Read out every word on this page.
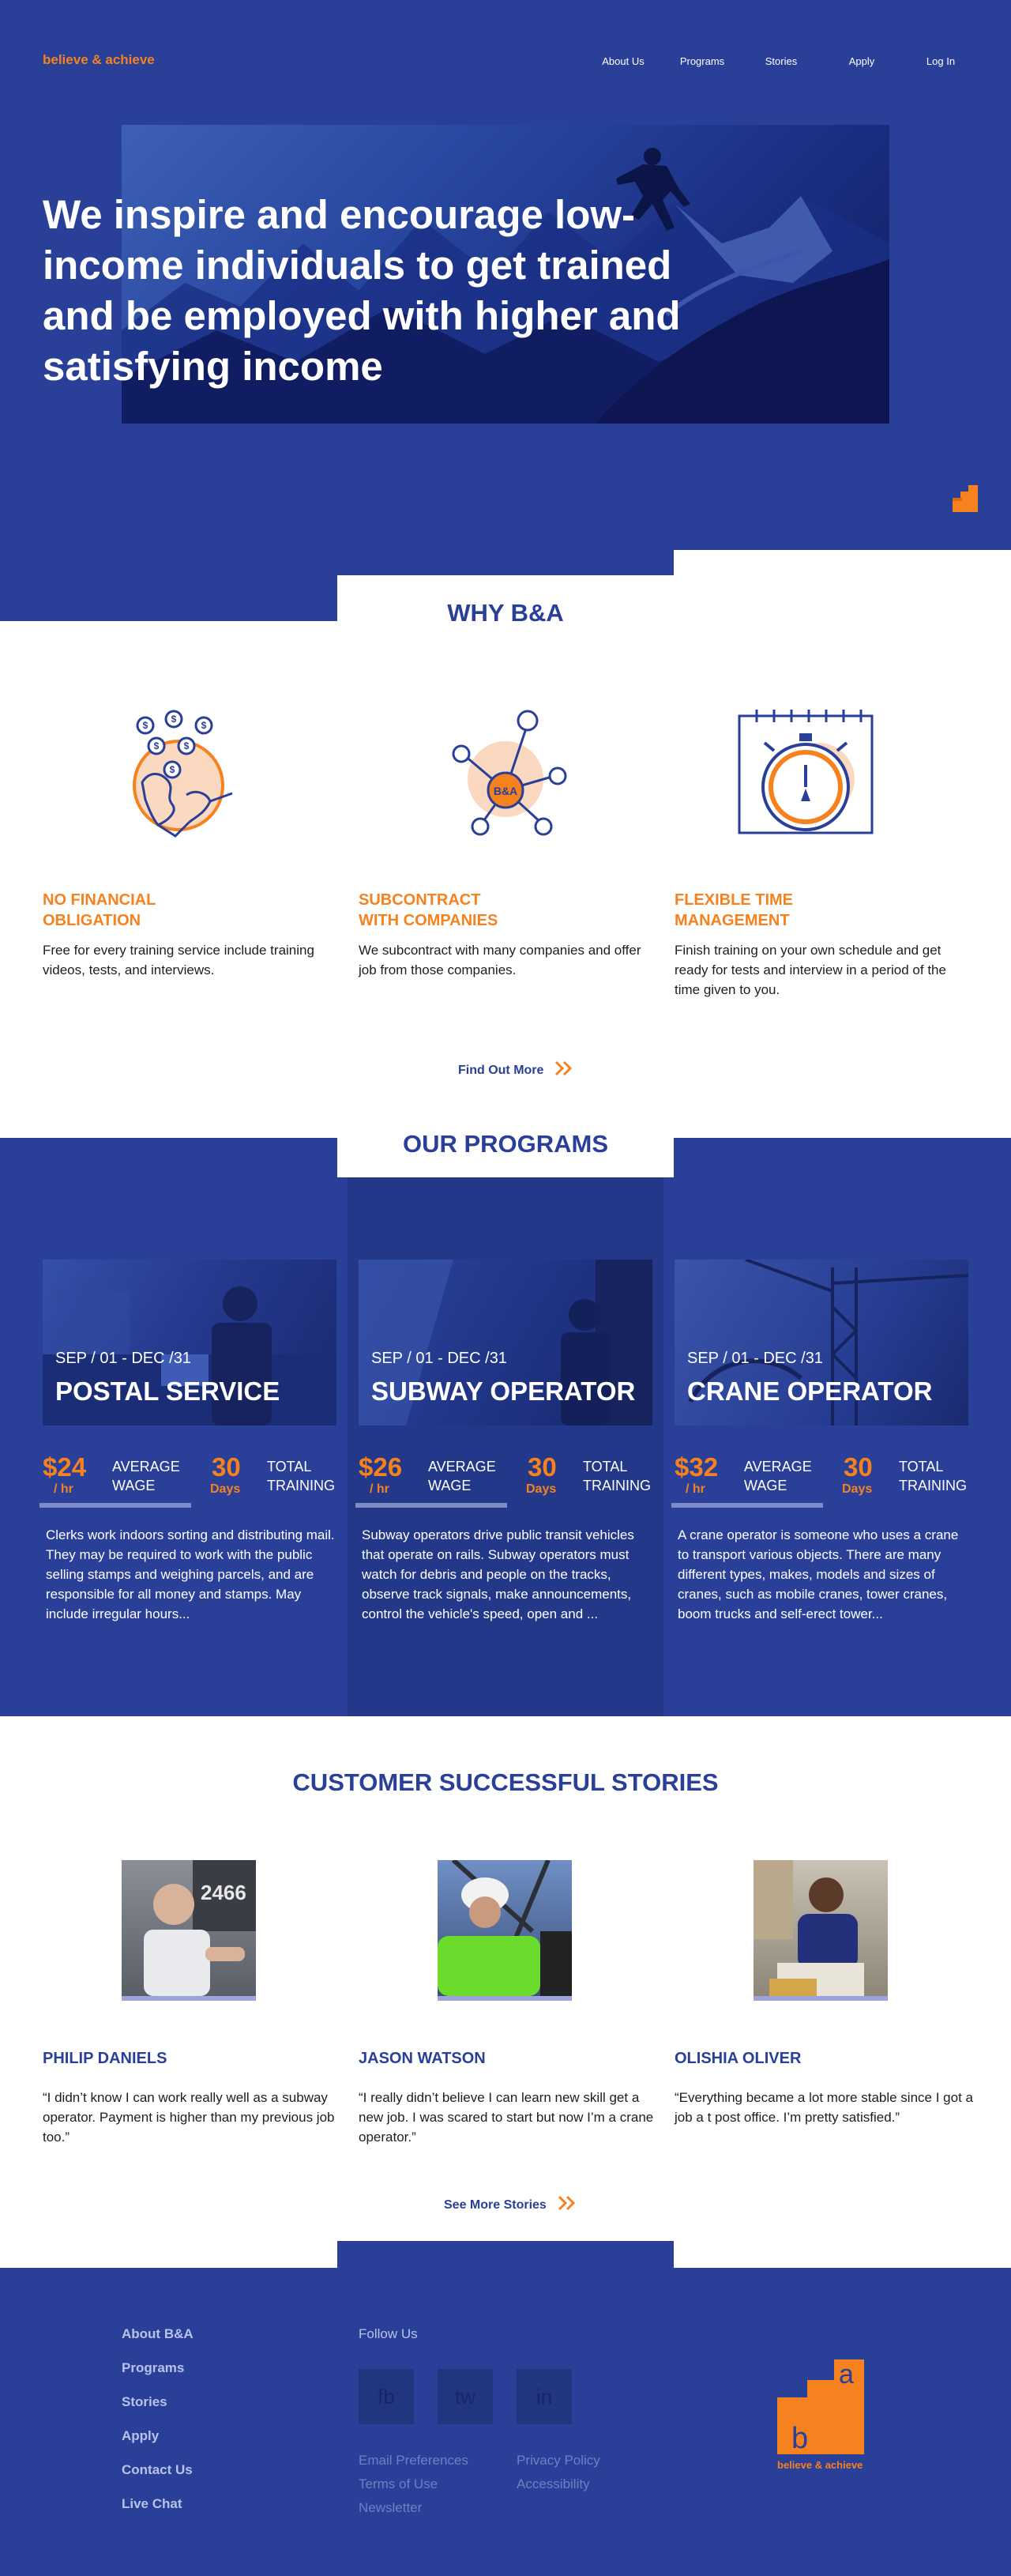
believe & achieve	About Us	Programs	Stories	Apply	Log In
We inspire and encourage low-income individuals to get trained and be employed with higher and satisfying income
WHY B&A
$
$
$
$	$
$
B&A
NO FINANCIAL
OBLIGATION
Free for every training service include training videos, tests, and interviews.
SUBCONTRACT
WITH COMPANIES
We subcontract with many companies and offer job from those companies.
FLEXIBLE TIME
MANAGEMENT
Finish training on your own schedule and get ready for tests and interview in a period of the time given to you.
Find Out More
OUR PROGRAMS
SEP / 01 - DEC /31
POSTAL SERVICE
SEP / 01 - DEC /31
SUBWAY OPERATOR
SEP / 01 - DEC /31
CRANE OPERATOR
$24
/ hr
AVERAGE WAGE
30
Days
TOTAL TRAINING
Clerks work indoors sorting and distributing mail. They may be required to work with the public selling stamps and weighing parcels, and are responsible for all money and stamps. May include irregular hours...
$26
/ hr
AVERAGE WAGE
30
Days
TOTAL TRAINING
Subway operators drive public transit vehicles that operate on rails. Subway operators must watch for debris and people on the tracks, observe track signals, make announcements, control the vehicle's speed, open and ...
$32
/ hr
AVERAGE WAGE
30
Days
TOTAL TRAINING
A crane operator is someone who uses a crane to transport various objects. There are many different types, makes, models and sizes of cranes, such as mobile cranes, tower cranes, boom trucks and self-erect tower...
CUSTOMER SUCCESSFUL STORIES
2466
PHILIP DANIELS
“I didn’t know I can work really well as a subway operator. Payment is higher than my previous job too.”
JASON WATSON
“I really didn’t believe I can learn new skill get a new job. I was scared to start but now I’m a crane operator.”
OLISHIA OLIVER
“Everything became a lot more stable since I got a job a t post office. I’m pretty satisfied.”
See More Stories
About B&A
Programs
Stories
Apply
Contact Us
Live Chat
Follow Us
fb	tw	in
Email Preferences
Terms of Use
Newsletter
Privacy Policy
Accessibility
b
a
believe & achieve
